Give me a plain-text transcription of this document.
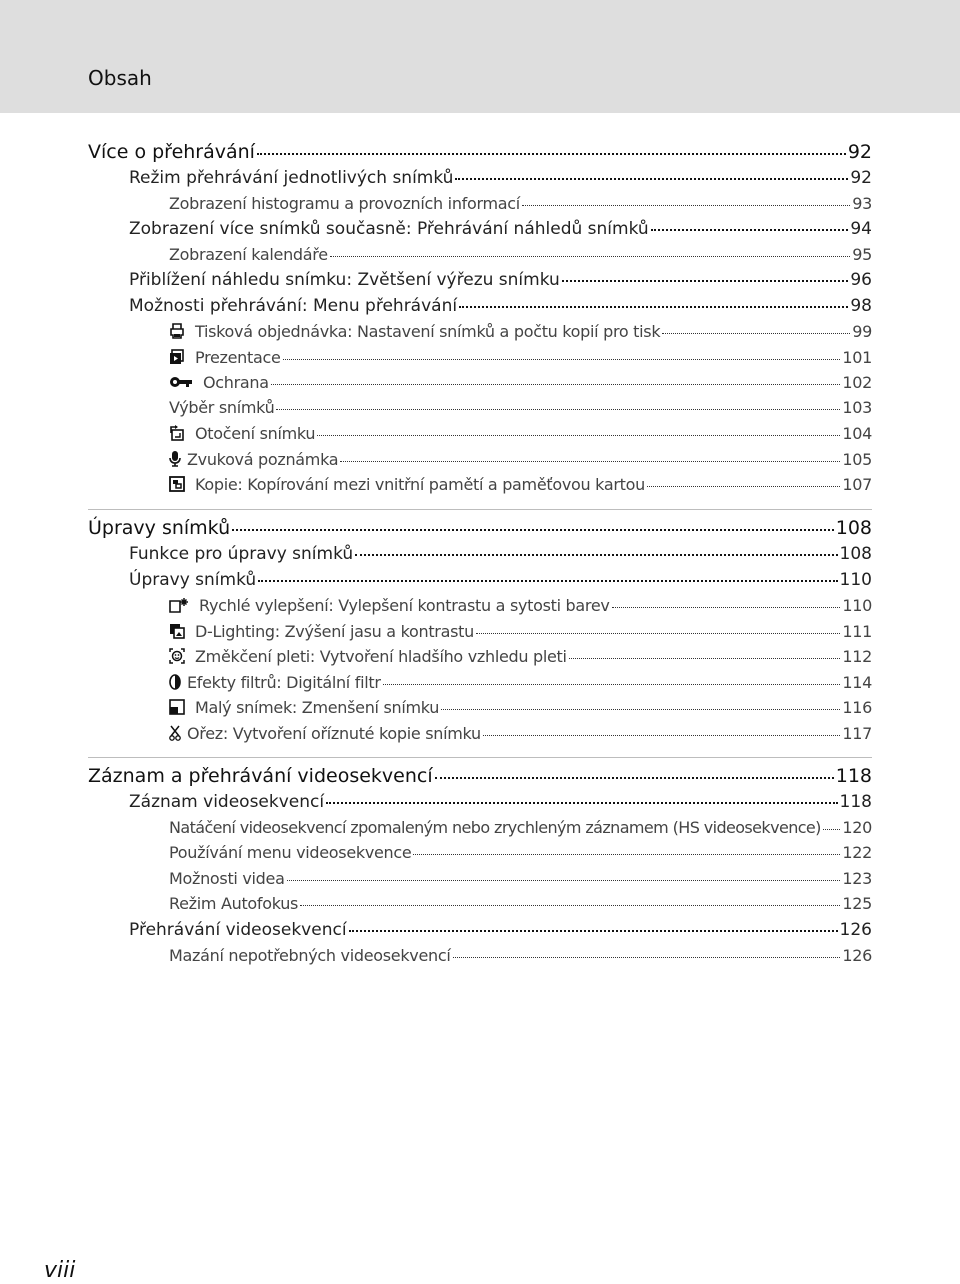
Obsah
Více o přehrávání	92
Režim přehrávání jednotlivých snímků	92
Zobrazení histogramu a provozních informací	93
Zobrazení více snímků současně: Přehrávání náhledů snímků	94
Zobrazení kalendáře	95
Přiblížení náhledu snímku: Zvětšení výřezu snímku	96
Možnosti přehrávání: Menu přehrávání	98
Tisková objednávka: Nastavení snímků a počtu kopií pro tisk	99
Prezentace	101
Ochrana	102
Výběr snímků	103
Otočení snímku	104
Zvuková poznámka	105
Kopie: Kopírování mezi vnitřní pamětí a paměťovou kartou	107
Úpravy snímků	108
Funkce pro úpravy snímků	108
Úpravy snímků	110
Rychlé vylepšení: Vylepšení kontrastu a sytosti barev	110
D-Lighting: Zvýšení jasu a kontrastu	111
Změkčení pleti: Vytvoření hladšího vzhledu pleti	112
Efekty filtrů: Digitální filtr	114
Malý snímek: Zmenšení snímku	116
Ořez: Vytvoření oříznuté kopie snímku	117
Záznam a přehrávání videosekvencí	118
Záznam videosekvencí	118
Natáčení videosekvencí zpomaleným nebo zrychleným záznamem (HS videosekvence) 120
Používání menu videosekvence	122
Možnosti videa	123
Režim Autofokus	125
Přehrávání videosekvencí	126
Mazání nepotřebných videosekvencí	126
viii
